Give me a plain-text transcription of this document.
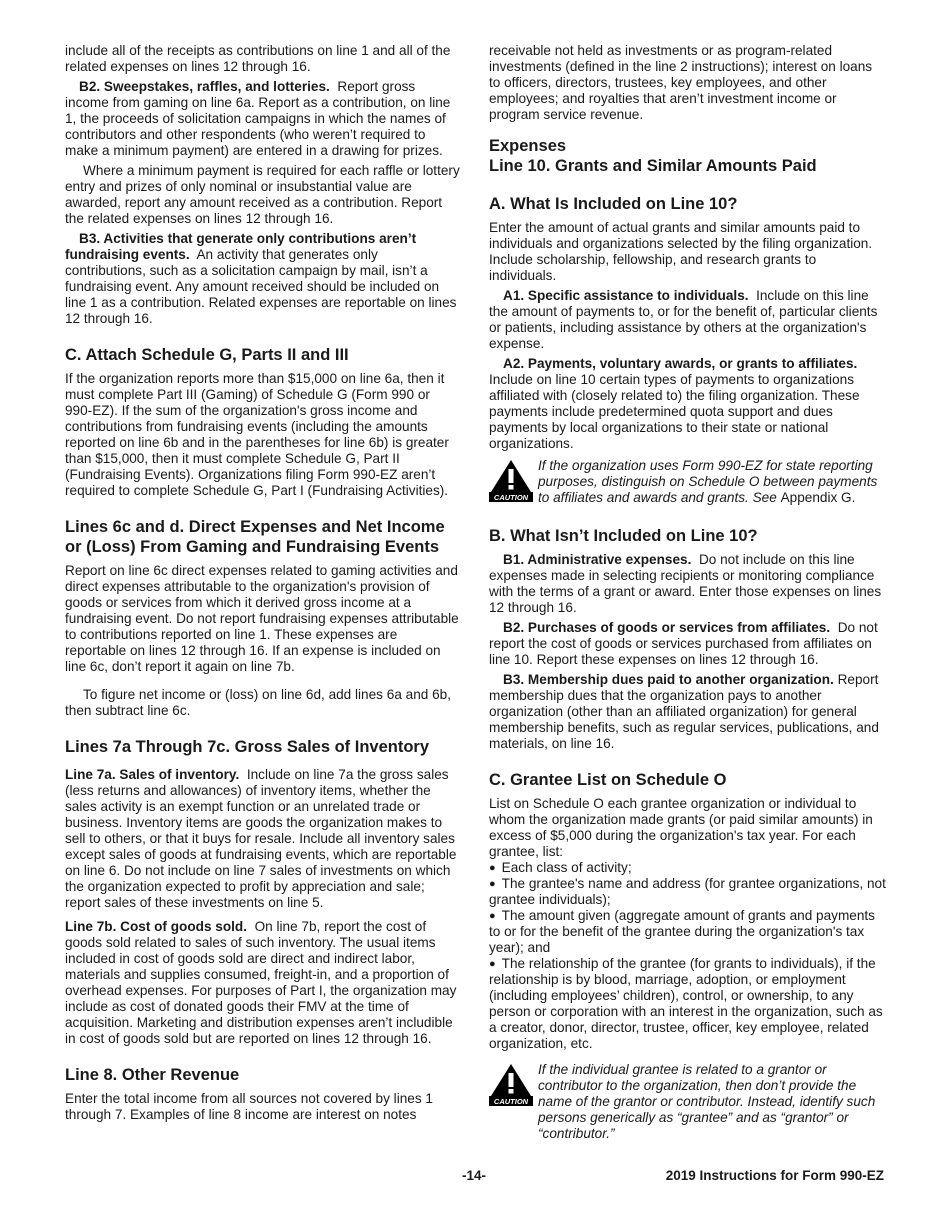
include all of the receipts as contributions on line 1 and all of the related expenses on lines 12 through 16.

B2. Sweepstakes, raffles, and lotteries. Report gross income from gaming on line 6a. Report as a contribution, on line 1, the proceeds of solicitation campaigns in which the names of contributors and other respondents (who weren’t required to make a minimum payment) are entered in a drawing for prizes.

Where a minimum payment is required for each raffle or lottery entry and prizes of only nominal or insubstantial value are awarded, report any amount received as a contribution. Report the related expenses on lines 12 through 16.

B3. Activities that generate only contributions aren’t fundraising events. An activity that generates only contributions, such as a solicitation campaign by mail, isn’t a fundraising event. Any amount received should be included on line 1 as a contribution. Related expenses are reportable on lines 12 through 16.

C. Attach Schedule G, Parts II and III

If the organization reports more than $15,000 on line 6a, then it must complete Part III (Gaming) of Schedule G (Form 990 or 990-EZ). If the sum of the organization's gross income and contributions from fundraising events (including the amounts reported on line 6b and in the parentheses for line 6b) is greater than $15,000, then it must complete Schedule G, Part II (Fundraising Events). Organizations filing Form 990-EZ aren’t required to complete Schedule G, Part I (Fundraising Activities).

Lines 6c and d. Direct Expenses and Net Income or (Loss) From Gaming and Fundraising Events

Report on line 6c direct expenses related to gaming activities and direct expenses attributable to the organization's provision of goods or services from which it derived gross income at a fundraising event. Do not report fundraising expenses attributable to contributions reported on line 1. These expenses are reportable on lines 12 through 16. If an expense is included on line 6c, don’t report it again on line 7b.

To figure net income or (loss) on line 6d, add lines 6a and 6b, then subtract line 6c.

Lines 7a Through 7c. Gross Sales of Inventory

Line 7a. Sales of inventory. Include on line 7a the gross sales (less returns and allowances) of inventory items, whether the sales activity is an exempt function or an unrelated trade or business. Inventory items are goods the organization makes to sell to others, or that it buys for resale. Include all inventory sales except sales of goods at fundraising events, which are reportable on line 6. Do not include on line 7 sales of investments on which the organization expected to profit by appreciation and sale; report sales of these investments on line 5.

Line 7b. Cost of goods sold. On line 7b, report the cost of goods sold related to sales of such inventory. The usual items included in cost of goods sold are direct and indirect labor, materials and supplies consumed, freight-in, and a proportion of overhead expenses. For purposes of Part I, the organization may include as cost of donated goods their FMV at the time of acquisition. Marketing and distribution expenses aren’t includible in cost of goods sold but are reported on lines 12 through 16.

Line 8. Other Revenue

Enter the total income from all sources not covered by lines 1 through 7. Examples of line 8 income are interest on notes

receivable not held as investments or as program-related investments (defined in the line 2 instructions); interest on loans to officers, directors, trustees, key employees, and other employees; and royalties that aren’t investment income or program service revenue.

Expenses
Line 10. Grants and Similar Amounts Paid
A. What Is Included on Line 10?

Enter the amount of actual grants and similar amounts paid to individuals and organizations selected by the filing organization. Include scholarship, fellowship, and research grants to individuals.

A1. Specific assistance to individuals. Include on this line the amount of payments to, or for the benefit of, particular clients or patients, including assistance by others at the organization's expense.

A2. Payments, voluntary awards, or grants to affiliates. Include on line 10 certain types of payments to organizations affiliated with (closely related to) the filing organization. These payments include predetermined quota support and dues payments by local organizations to their state or national organizations.

CAUTION
If the organization uses Form 990-EZ for state reporting purposes, distinguish on Schedule O between payments to affiliates and awards and grants. See Appendix G.
B. What Isn’t Included on Line 10?

B1. Administrative expenses. Do not include on this line expenses made in selecting recipients or monitoring compliance with the terms of a grant or award. Enter those expenses on lines 12 through 16.

B2. Purchases of goods or services from affiliates. Do not report the cost of goods or services purchased from affiliates on line 10. Report these expenses on lines 12 through 16.

B3. Membership dues paid to another organization. Report membership dues that the organization pays to another organization (other than an affiliated organization) for general membership benefits, such as regular services, publications, and materials, on line 16.

C. Grantee List on Schedule O

List on Schedule O each grantee organization or individual to whom the organization made grants (or paid similar amounts) in excess of $5,000 during the organization's tax year. For each grantee, list:

● Each class of activity;

● The grantee's name and address (for grantee organizations, not grantee individuals);

● The amount given (aggregate amount of grants and payments to or for the benefit of the grantee during the organization's tax year); and

● The relationship of the grantee (for grants to individuals), if the relationship is by blood, marriage, adoption, or employment (including employees’ children), control, or ownership, to any person or corporation with an interest in the organization, such as a creator, donor, director, trustee, officer, key employee, related organization, etc.

CAUTION
If the individual grantee is related to a grantor or contributor to the organization, then don’t provide the name of the grantor or contributor. Instead, identify such persons generically as “grantee” and as “grantor” or “contributor.”
-14-	2019 Instructions for Form 990-EZ
